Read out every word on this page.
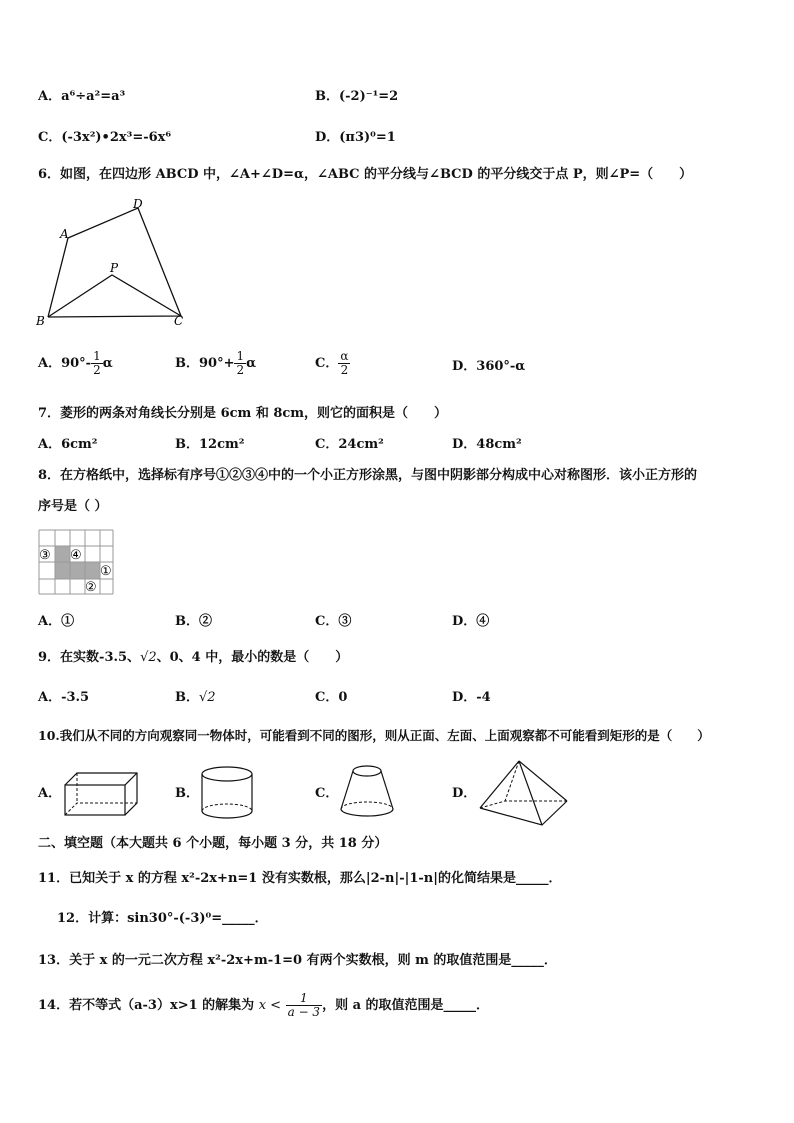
A．a⁶÷a²=a³	B．(-2)⁻¹=2
C．(-3x²)•2x³=-6x⁶	D．(π3)⁰=1
6．如图，在四边形 ABCD 中，∠A+∠D=α，∠ABC 的平分线与∠BCD 的平分线交于点 P，则∠P=（　　）
A
D
P
B	C
A．$90^\circ- \frac{1}{2}$ α	B．$90^\circ+ \frac{1}{2}$ α	C． $\frac{\alpha}{2}$	D．360°-α
7．菱形的两条对角线长分别是 6cm 和 8cm，则它的面积是（　　）
A．6cm²	B．12cm²	C．24cm²	D．48cm²
8．在方格纸中，选择标有序号①②③④中的一个小正方形涂黑，与图中阴影部分构成中心对称图形．该小正方形的
序号是（ ）
③ ④
①
②
A．①	B．②	C．③	D．④
9．在实数-3.5、√2、0、4 中，最小的数是（　　）
A．-3.5	B．√2	C．0	D．-4
10.我们从不同的方向观察同一物体时，可能看到不同的图形，则从正面、左面、上面观察都不可能看到矩形的是（　　）
A．	B．	C．	D．
二、填空题（本大题共 6 个小题，每小题 3 分，共 18 分）
11．已知关于 x 的方程 x²-2x+n=1 没有实数根，那么|2-n|-|1-n|的化简结果是_____．
12．计算：sin30°-(-3)⁰=_____．
13．关于 x 的一元二次方程 x²-2x+m-1=0 有两个实数根，则 m 的取值范围是_____．
14．若不等式（a-3）x>1 的解集为 $x < \frac{1}{a - 3}$ ，则 a 的取值范围是_____．
